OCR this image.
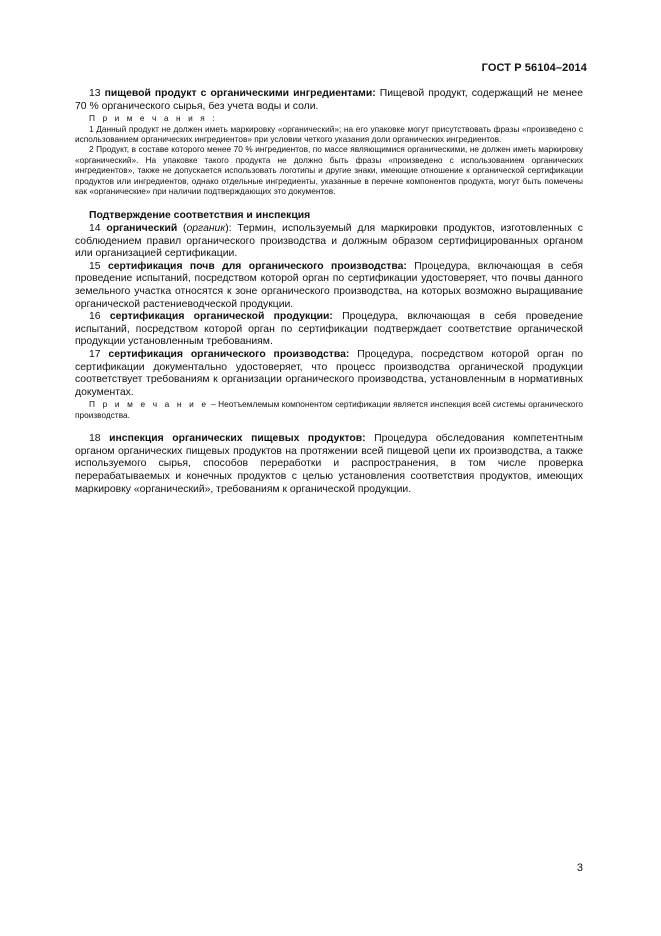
ГОСТ Р 56104–2014

13 пищевой продукт с органическими ингредиентами: Пищевой продукт, содержащий не менее 70 % органического сырья, без учета воды и соли.

П р и м е ч а н и я :

1 Данный продукт не должен иметь маркировку «органический»; на его упаковке могут присутствовать фразы «произведено с использованием органических ингредиентов» при условии четкого указания доли органических ингредиентов.

2 Продукт, в составе которого менее 70 % ингредиентов, по массе являющимися органическими, не должен иметь маркировку «органический». На упаковке такого продукта не должно быть фразы «произведено с использованием органических ингредиентов», также не допускается использовать логотипы и другие знаки, имеющие отношение к органической сертификации продуктов или ингредиентов, однако отдельные ингредиенты, указанные в перечне компонентов продукта, могут быть помечены как «органические» при наличии подтверждающих это документов.

Подтверждение соответствия и инспекция

14 органический (органик): Термин, используемый для маркировки продуктов, изготовленных с соблюдением правил органического производства и должным образом сертифицированных органом или организацией сертификации.

15 сертификация почв для органического производства: Процедура, включающая в себя проведение испытаний, посредством которой орган по сертификации удостоверяет, что почвы данного земельного участка относятся к зоне органического производства, на которых возможно выращивание органической растениеводческой продукции.

16 сертификация органической продукции: Процедура, включающая в себя проведение испытаний, посредством которой орган по сертификации подтверждает соответствие органической продукции установленным требованиям.

17 сертификация органического производства: Процедура, посредством которой орган по сертификации документально удостоверяет, что процесс производства органической продукции соответствует требованиям к организации органического производства, установленным в нормативных документах.

П р и м е ч а н и е – Неотъемлемым компонентом сертификации является инспекция всей системы органического производства.

18 инспекция органических пищевых продуктов: Процедура обследования компетентным органом органических пищевых продуктов на протяжении всей пищевой цепи их производства, а также используемого сырья, способов переработки и распространения, в том числе проверка перерабатываемых и конечных продуктов с целью установления соответствия продуктов, имеющих маркировку «органический», требованиям к органической продукции.

3
